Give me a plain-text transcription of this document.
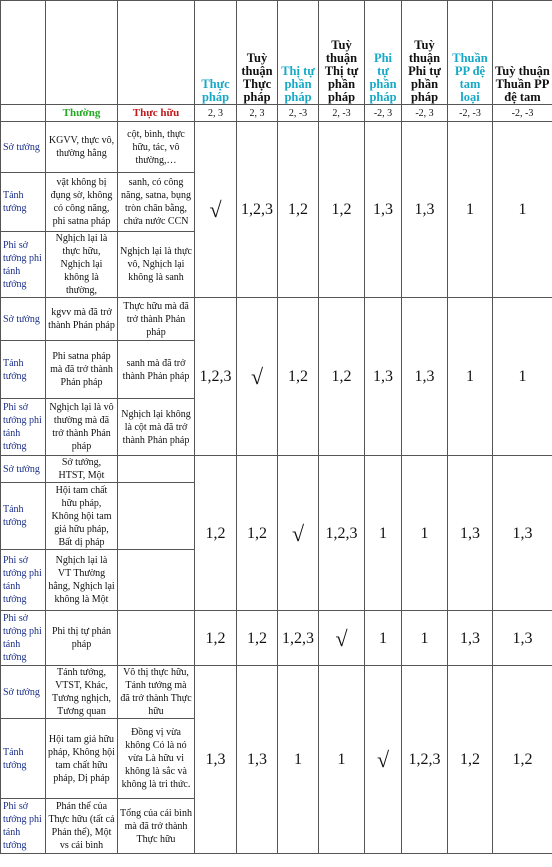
			Thực pháp	Tuỳ thuận Thực pháp	Thị tự phần pháp	Tuỳ thuận Thị tự phần pháp	Phi tự phần pháp	Tuỳ thuận Phi tự phần pháp	Thuần PP đệ tam loại	Tuỳ thuận Thuần PP đệ tam
	Thường	Thực hữu	2, 3	2, 3	2, -3	2, -3	-2, 3	-2, 3	-2, -3	-2, -3
Sở tướng	KGVV, thực vô, thường hằng	cột, bình, thực hữu, tác, vô thường,…	√	1,2,3	1,2	1,2	1,3	1,3	1	1
Tánh tướng	vật không bị đụng sờ, không có công năng, phi satna pháp	sanh, có công năng, satna, bụng tròn chân bằng, chứa nước CCN								
Phi sở tướng phi tánh tướng	Nghịch lại là thực hữu, Nghịch lại không là thường,	Nghịch lại là thực vô, Nghịch lại không là sanh								
Sở tướng	kgvv mà đã trở thành Phản pháp	Thực hữu mà đã trở thành Phản pháp	1,2,3	√	1,2	1,2	1,3	1,3	1	1
Tánh tướng	Phi satna pháp mà đã trở thành Phản pháp	sanh mà đã trở thành Phản pháp								
Phi sở tướng phi tánh tướng	Nghịch lại là vô thường mà đã trở thành Phản pháp	Nghịch lại không là cột mà đã trở thành Phản pháp								
Sở tướng	Sở tướng, HTST, Một		1,2	1,2	√	1,2,3	1	1	1,3	1,3
Tánh tướng	Hội tam chất hữu pháp, Không hội tam giả hữu pháp, Bất dị pháp									
Phi sở tướng phi tánh tướng	Nghịch lại là VT Thường hằng, Nghịch lại không là Một									
Phi sở tướng phi tánh tướng	Phi thị tự phản pháp		1,2	1,2	1,2,3	√	1	1	1,3	1,3
Sở tướng	Tánh tướng, VTST, Khác, Tương nghịch, Tương quan	Vô thị thực hữu, Tánh tướng mà đã trở thành Thực hữu	1,3	1,3	1	1	√	1,2,3	1,2	1,2
Tánh tướng	Hội tam giả hữu pháp, Không hội tam chất hữu pháp, Dị pháp	Đồng vị vừa không Có là nó vừa Là hữu vi không là sắc và không là tri thức.								
Phi sở tướng phi tánh tướng	Phản thể của Thực hữu (tất cả Phản thể), Một vs cái bình	Tổng của cái bình mà đã trở thành Thực hữu								
